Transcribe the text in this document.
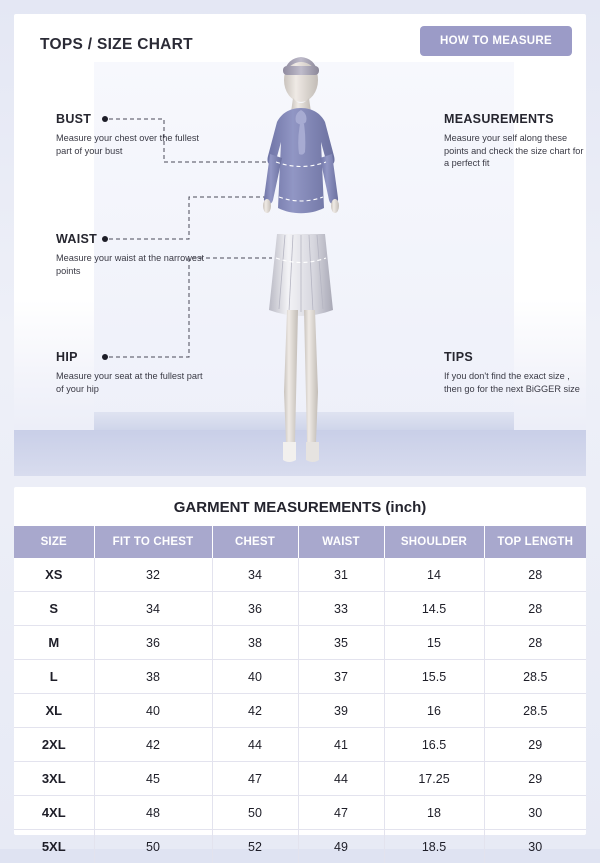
TOPS / SIZE CHART	HOW TO MEASURE
BUST
Measure your chest over the fullest part of your bust
WAIST
Measure your waist at the narrowest points
HIP
Measure your seat at the fullest part of your hip
MEASUREMENTS
Measure your self along these points and check the size chart for a perfect fit
TIPS
If you don't find the exact size , then go for the next BiGGER size
GARMENT MEASUREMENTS (inch)
SIZE	FIT TO CHEST	CHEST	WAIST	SHOULDER	TOP LENGTH
XS	32	34	31	14	28
S	34	36	33	14.5	28
M	36	38	35	15	28
L	38	40	37	15.5	28.5
XL	40	42	39	16	28.5
2XL	42	44	41	16.5	29
3XL	45	47	44	17.25	29
4XL	48	50	47	18	30
5XL	50	52	49	18.5	30
